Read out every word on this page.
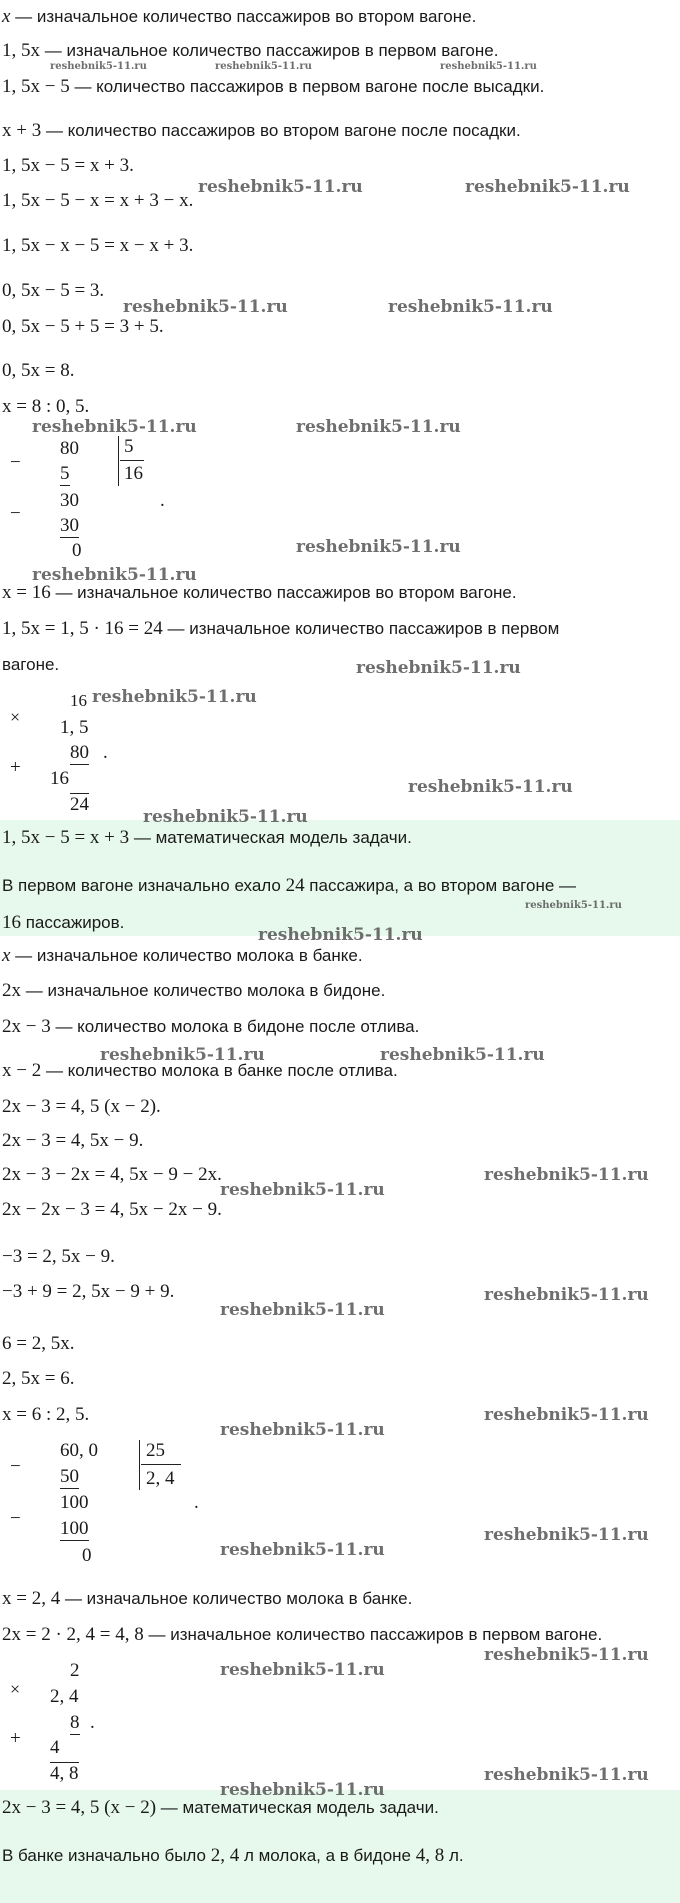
x — изначальное количество пассажиров во втором вагоне.
1, 5x — изначальное количество пассажиров в первом вагоне.
1, 5x − 5 — количество пассажиров в первом вагоне после высадки.
x + 3 — количество пассажиров во втором вагоне после посадки.
1, 5x − 5 = x + 3.
1, 5x − 5 − x = x + 3 − x.
1, 5x − x − 5 = x − x + 3.
0, 5x − 5 = 3.
0, 5x − 5 + 5 = 3 + 5.
0, 5x = 8.
x = 8 : 0, 5.
−
80
5
5
16
−
30
30
0
.
x = 16 — изначальное количество пассажиров во втором вагоне.
1, 5x = 1, 5 · 16 = 24 — изначальное количество пассажиров в первом
вагоне.
×
16
1, 5
80 .
+
16
24
1, 5x − 5 = x + 3 — математическая модель задачи.
В первом вагоне изначально ехало 24 пассажира, а во втором вагоне —
16 пассажиров.
x — изначальное количество молока в банке.
2x — изначальное количество молока в бидоне.
2x − 3 — количество молока в бидоне после отлива.
x − 2 — количество молока в банке после отлива.
2x − 3 = 4, 5 (x − 2).
2x − 3 = 4, 5x − 9.
2x − 3 − 2x = 4, 5x − 9 − 2x.
2x − 2x − 3 = 4, 5x − 2x − 9.
−3 = 2, 5x − 9.
−3 + 9 = 2, 5x − 9 + 9.
6 = 2, 5x.
2, 5x = 6.
x = 6 : 2, 5.
−
60, 0
50
25
2, 4
−
100
100
0
.
x = 2, 4 — изначальное количество молока в банке.
2x = 2 · 2, 4 = 4, 8 — изначальное количество пассажиров в первом вагоне.
×
2
2, 4
8 .
+ 4
4, 8
2x − 3 = 4, 5 (x − 2) — математическая модель задачи.
В банке изначально было 2, 4 л молока, а в бидоне 4, 8 л.
reshebnik5-11.ru	reshebnik5-11.ru	reshebnik5-11.ru
reshebnik5-11.ru	reshebnik5-11.ru
reshebnik5-11.ru	reshebnik5-11.ru
reshebnik5-11.ru	reshebnik5-11.ru
reshebnik5-11.ru
reshebnik5-11.ru
reshebnik5-11.ru
reshebnik5-11.ru
reshebnik5-11.ru
reshebnik5-11.ru
reshebnik5-11.ru
reshebnik5-11.ru
reshebnik5-11.ru	reshebnik5-11.ru
reshebnik5-11.ru
reshebnik5-11.ru
reshebnik5-11.ru
reshebnik5-11.ru
reshebnik5-11.ru
reshebnik5-11.ru
reshebnik5-11.ru
reshebnik5-11.ru
reshebnik5-11.ru
reshebnik5-11.ru
reshebnik5-11.ru
reshebnik5-11.ru
